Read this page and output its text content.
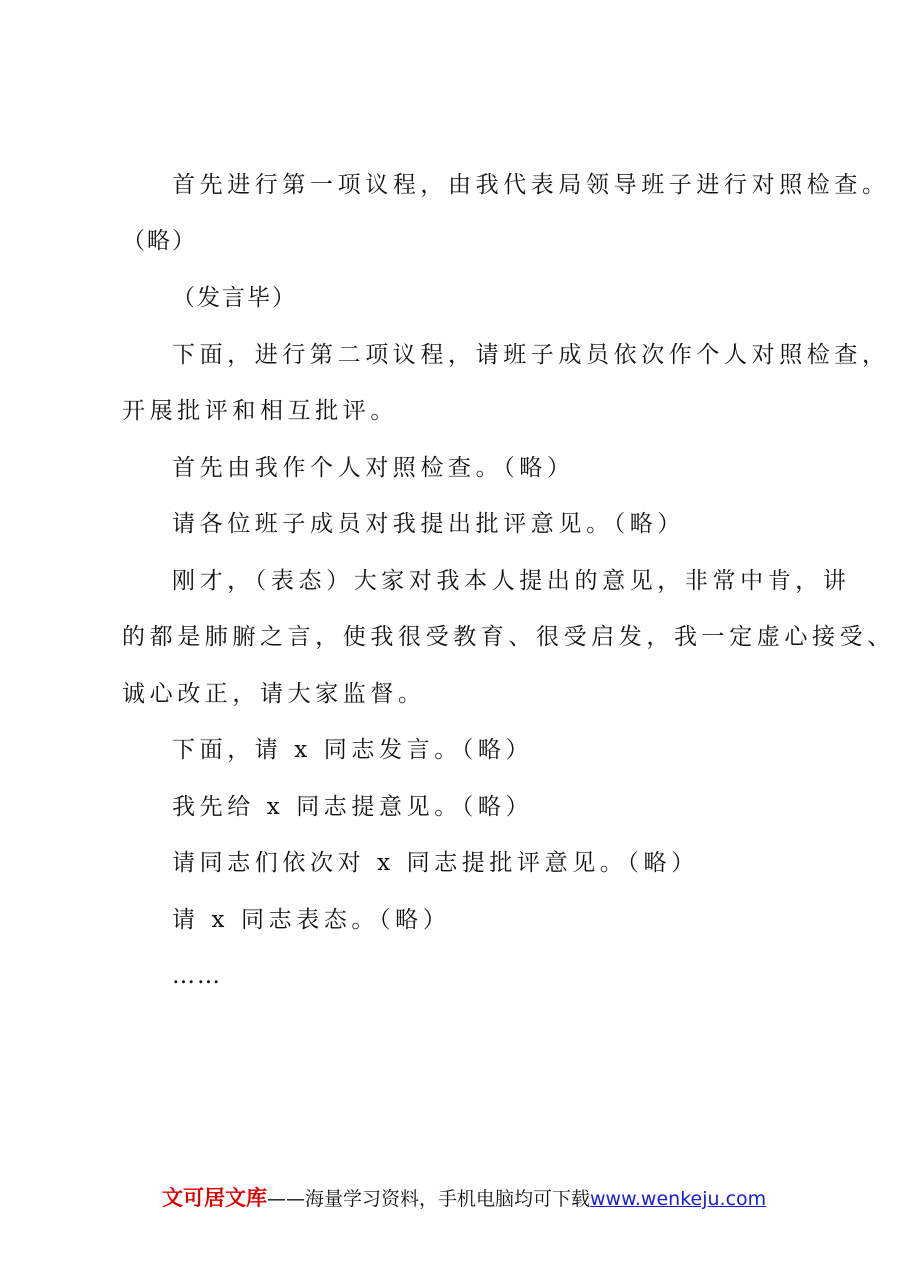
首先进行第一项议程，由我代表局领导班子进行对照检查。
（略）
（发言毕）
下面，进行第二项议程，请班子成员依次作个人对照检查，
开展批评和相互批评。
首先由我作个人对照检查。（略）
请各位班子成员对我提出批评意见。（略）
刚才，（表态）大家对我本人提出的意见，非常中肯，讲
的都是肺腑之言，使我很受教育、很受启发，我一定虚心接受、
诚心改正，请大家监督。
下面，请 x 同志发言。（略）
我先给 x 同志提意见。（略）
请同志们依次对 x 同志提批评意见。（略）
请 x 同志表态。（略）
……
文可居文库——海量学习资料，手机电脑均可下载www.wenkeju.com
